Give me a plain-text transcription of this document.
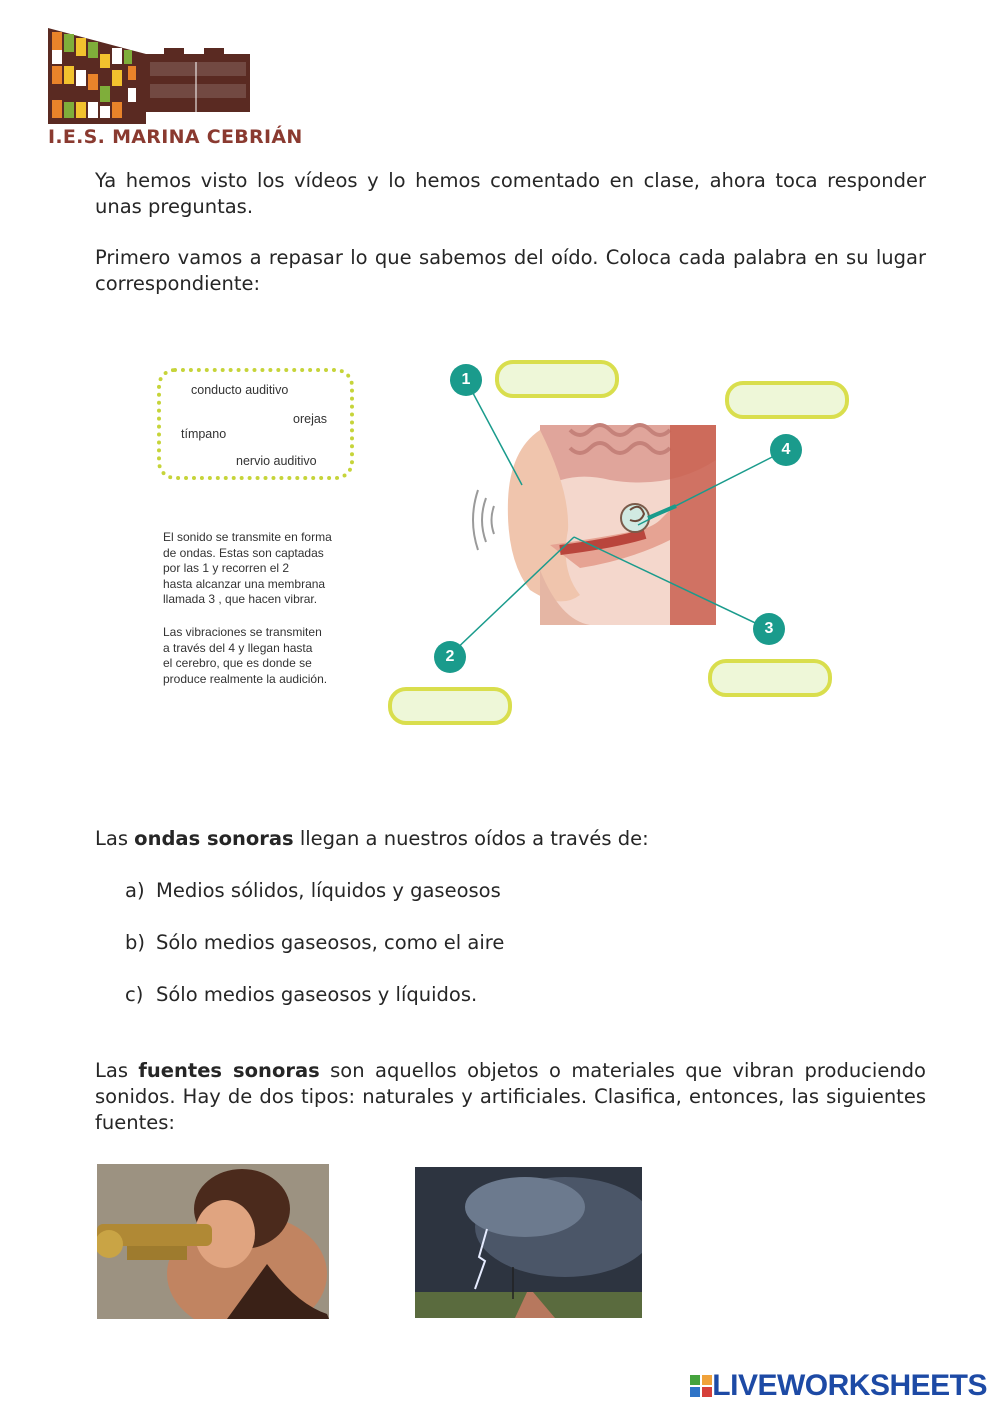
I.E.S. MARINA CEBRIÁN
Ya hemos visto los vídeos y lo hemos comentado en clase, ahora toca responder unas preguntas.
Primero vamos a repasar lo que sabemos del oído. Coloca cada palabra en su lugar correspondiente:
conducto auditivo
orejas
tímpano
nervio auditivo
El sonido se transmite en forma
de ondas. Estas son captadas
por las 1 y recorren el 2
hasta alcanzar una membrana
llamada 3 , que hacen vibrar.
Las vibraciones se transmiten
a través del 4 y llegan hasta
el cerebro, que es donde se
produce realmente la audición.
1
2
3
4
Las ondas sonoras llegan a nuestros oídos a través de:
a) Medios sólidos, líquidos y gaseosos
b) Sólo medios gaseosos, como el aire
c) Sólo medios gaseosos y líquidos.
Las fuentes sonoras son aquellos objetos o materiales que vibran produciendo sonidos. Hay de dos tipos: naturales y artificiales. Clasifica, entonces, las siguientes fuentes:
LIVEWORKSHEETS
